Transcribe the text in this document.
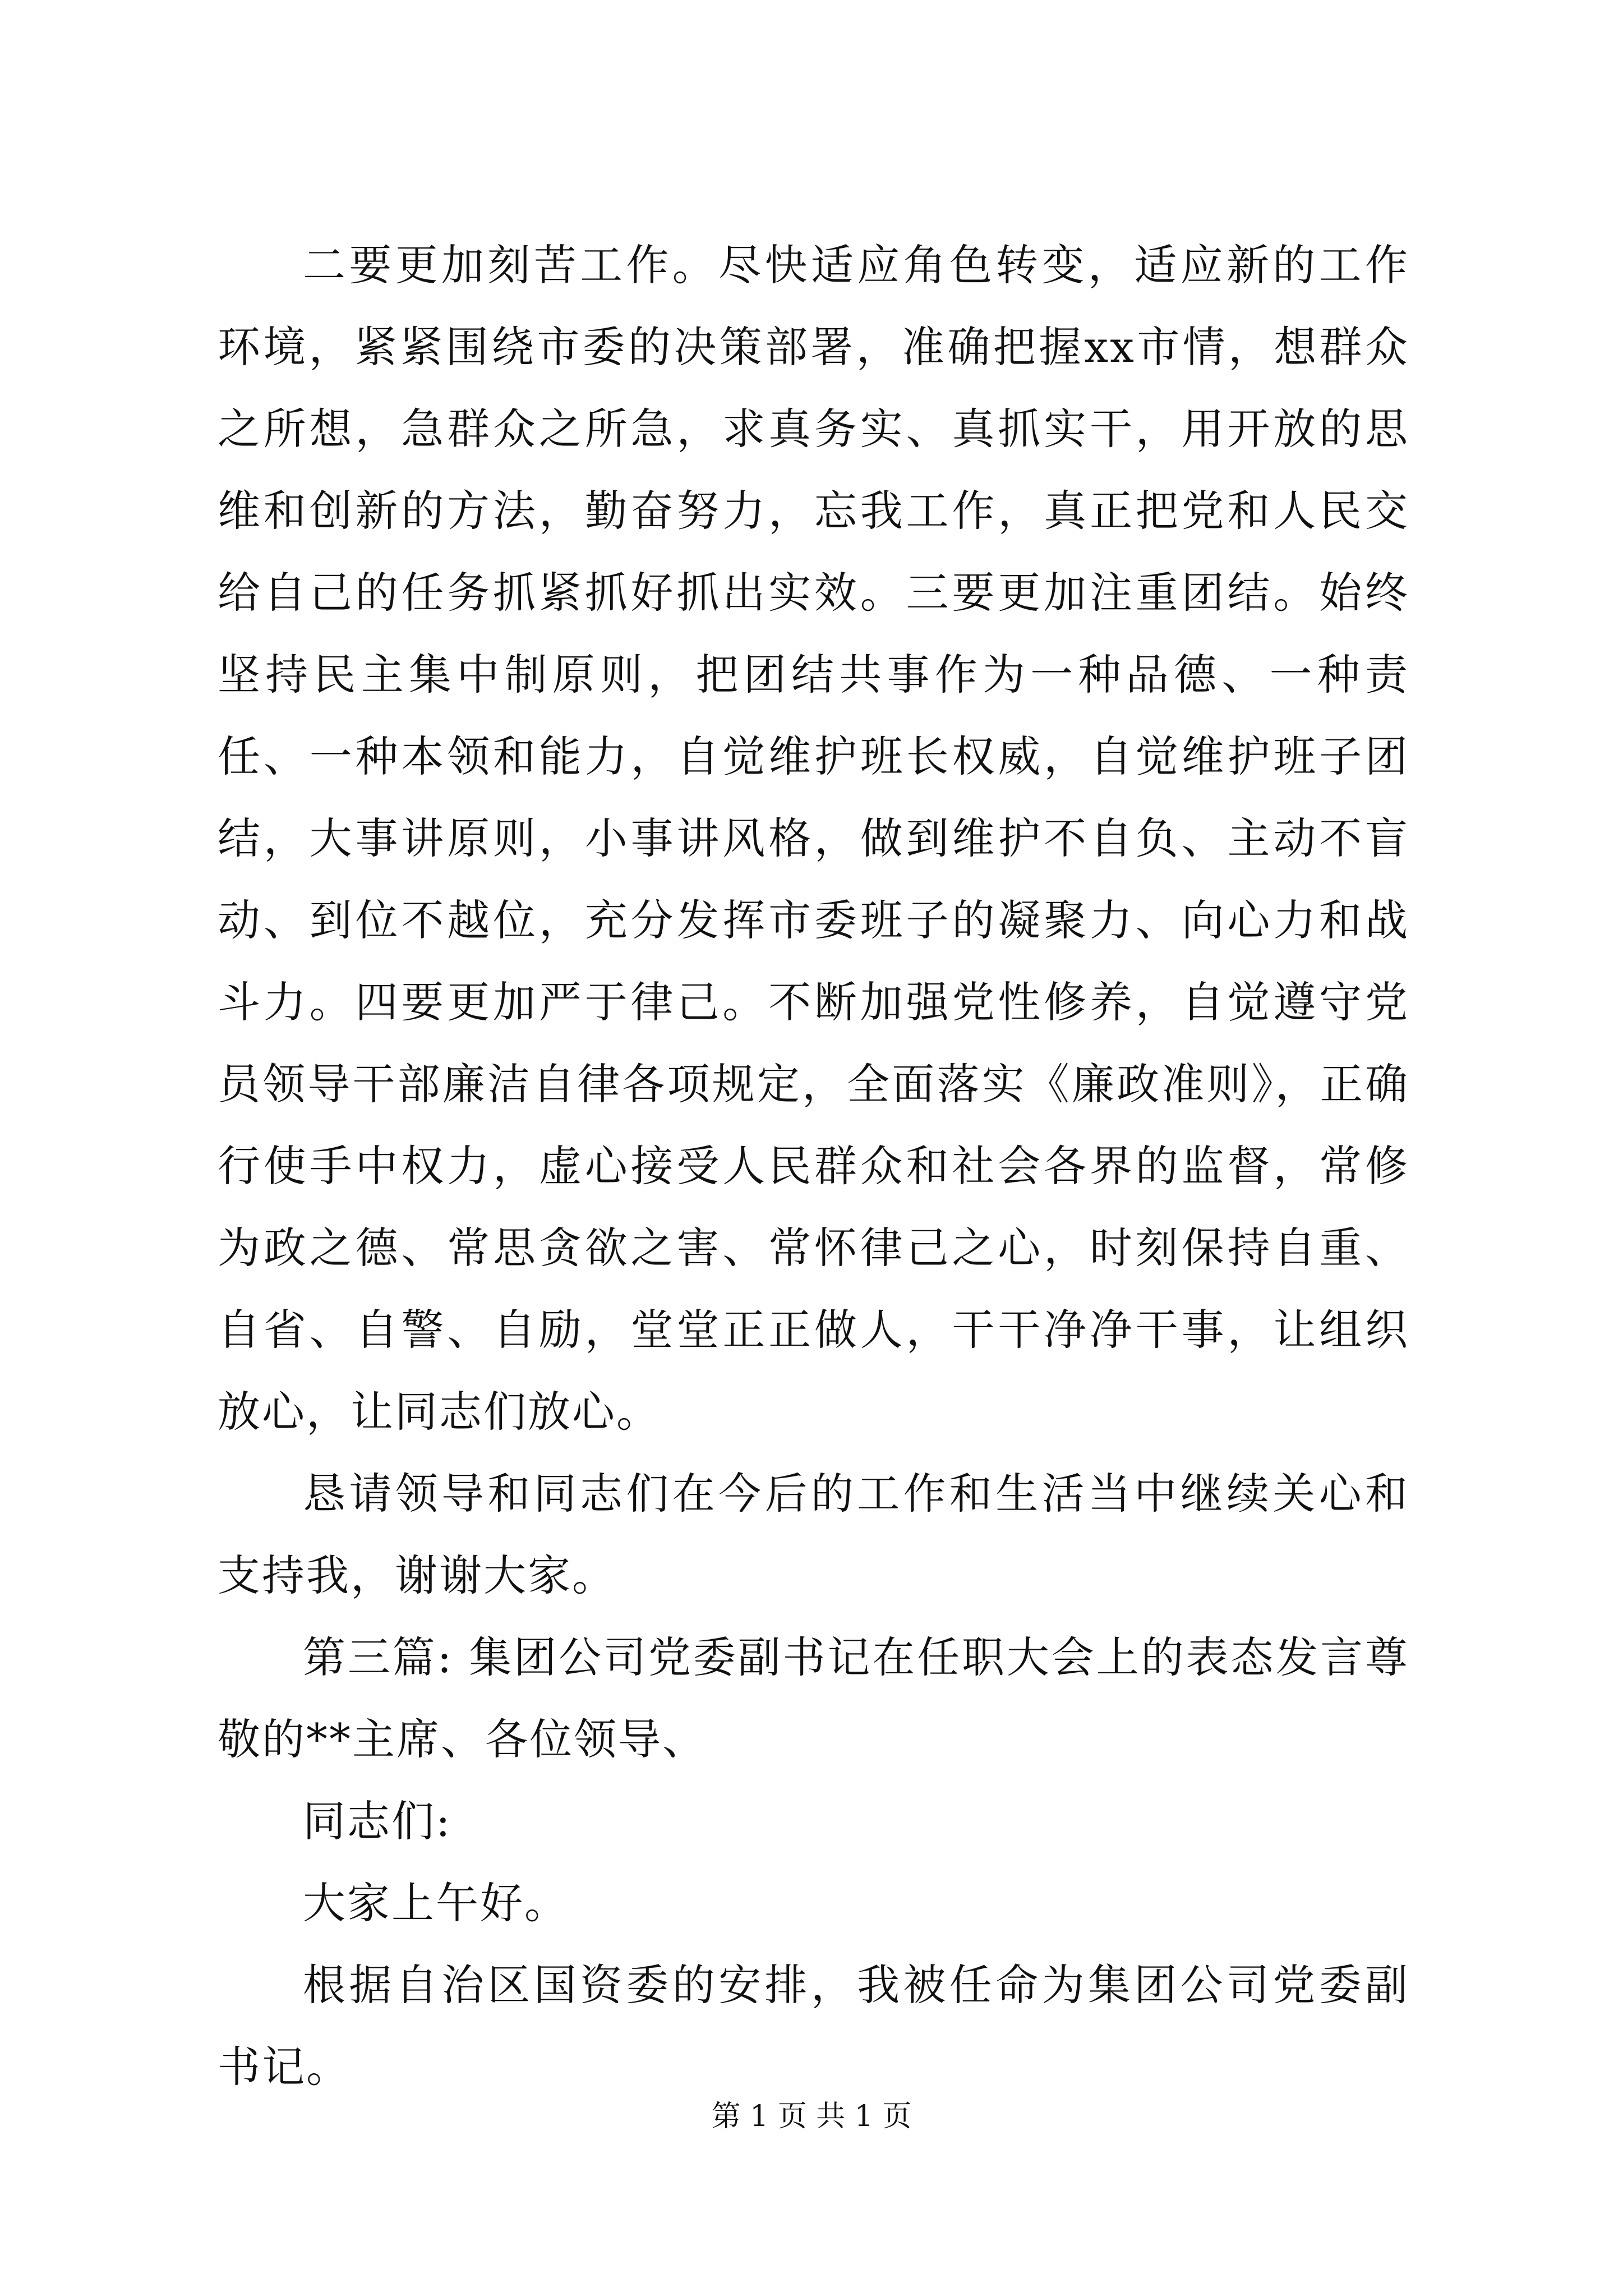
二要更加刻苦工作。尽快适应角色转变，适应新的工作环境，紧紧围绕市委的决策部署，准确把握xx市情，想群众之所想，急群众之所急，求真务实、真抓实干，用开放的思维和创新的方法，勤奋努力，忘我工作，真正把党和人民交给自己的任务抓紧抓好抓出实效。三要更加注重团结。始终坚持民主集中制原则，把团结共事作为一种品德、一种责任、一种本领和能力，自觉维护班长权威，自觉维护班子团结，大事讲原则，小事讲风格，做到维护不自负、主动不盲动、到位不越位，充分发挥市委班子的凝聚力、向心力和战斗力。四要更加严于律己。不断加强党性修养，自觉遵守党员领导干部廉洁自律各项规定，全面落实《廉政准则》，正确行使手中权力，虚心接受人民群众和社会各界的监督，常修为政之德、常思贪欲之害、常怀律己之心，时刻保持自重、自省、自警、自励，堂堂正正做人，干干净净干事，让组织放心，让同志们放心。

恳请领导和同志们在今后的工作和生活当中继续关心和支持我，谢谢大家。

第三篇: 集团公司党委副书记在任职大会上的表态发言尊敬的**主席、各位领导、

同志们:

大家上午好。

根据自治区国资委的安排，我被任命为集团公司党委副书记。

第 1 页 共 1 页
